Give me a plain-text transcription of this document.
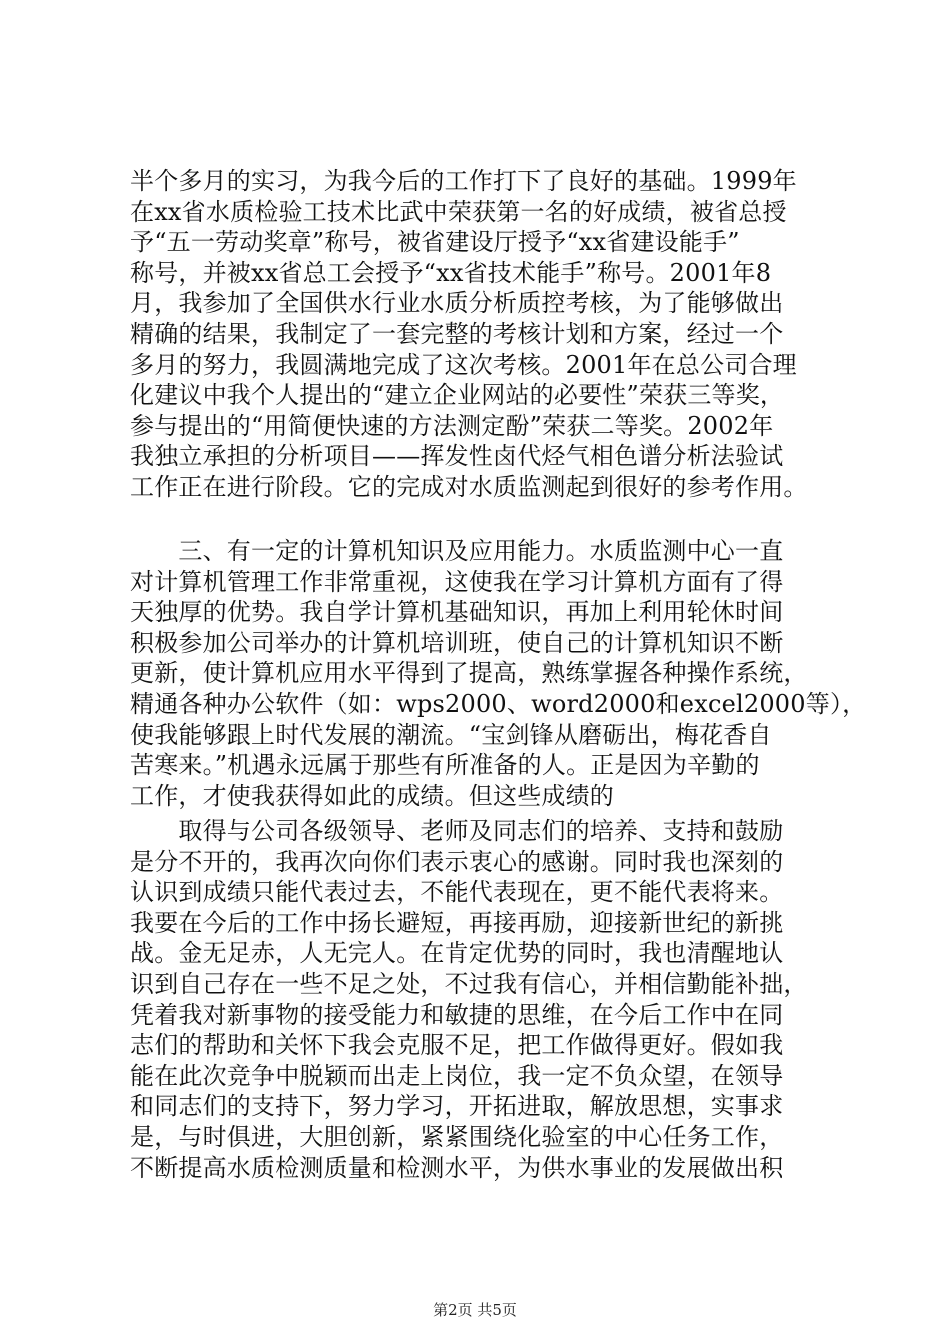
半个多月的实习，为我今后的工作打下了良好的基础。1999年
在xx省水质检验工技术比武中荣获第一名的好成绩，被省总授
予“五一劳动奖章”称号，被省建设厅授予“xx省建设能手”
称号，并被xx省总工会授予“xx省技术能手”称号。2001年8
月，我参加了全国供水行业水质分析质控考核，为了能够做出
精确的结果，我制定了一套完整的考核计划和方案，经过一个
多月的努力，我圆满地完成了这次考核。2001年在总公司合理
化建议中我个人提出的“建立企业网站的必要性”荣获三等奖，
参与提出的“用简便快速的方法测定酚”荣获二等奖。2002年
我独立承担的分析项目——挥发性卤代烃气相色谱分析法验试
工作正在进行阶段。它的完成对水质监测起到很好的参考作用。
　　三、有一定的计算机知识及应用能力。水质监测中心一直
对计算机管理工作非常重视，这使我在学习计算机方面有了得
天独厚的优势。我自学计算机基础知识，再加上利用轮休时间
积极参加公司举办的计算机培训班，使自己的计算机知识不断
更新，使计算机应用水平得到了提高，熟练掌握各种操作系统，
精通各种办公软件（如：wps2000、word2000和excel2000等），
使我能够跟上时代发展的潮流。“宝剑锋从磨砺出，梅花香自
苦寒来。”机遇永远属于那些有所准备的人。正是因为辛勤的
工作，才使我获得如此的成绩。但这些成绩的
　　取得与公司各级领导、老师及同志们的培养、支持和鼓励
是分不开的，我再次向你们表示衷心的感谢。同时我也深刻的
认识到成绩只能代表过去，不能代表现在，更不能代表将来。
我要在今后的工作中扬长避短，再接再励，迎接新世纪的新挑
战。金无足赤，人无完人。在肯定优势的同时，我也清醒地认
识到自己存在一些不足之处，不过我有信心，并相信勤能补拙，
凭着我对新事物的接受能力和敏捷的思维，在今后工作中在同
志们的帮助和关怀下我会克服不足，把工作做得更好。假如我
能在此次竞争中脱颖而出走上岗位，我一定不负众望，在领导
和同志们的支持下，努力学习，开拓进取，解放思想，实事求
是，与时俱进，大胆创新，紧紧围绕化验室的中心任务工作，
不断提高水质检测质量和检测水平，为供水事业的发展做出积
第2页 共5页
